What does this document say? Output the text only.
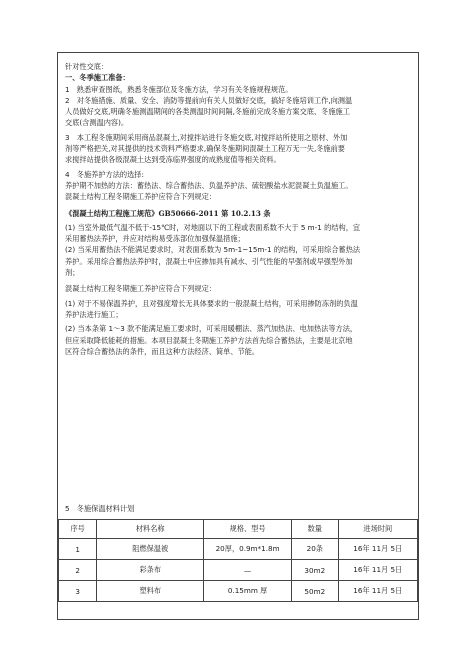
针对性交底：
一、冬季施工准备：
1　熟悉审查图纸，熟悉冬施部位及冬施方法，学习有关冬施规程规范。
2　对冬施措施、质量、安全、消防等提前向有关人员做好交底，搞好冬施培训工作,向测温
人员做好交底,明确冬施测温期间的各类测温时间间隔,冬施前完成冬施方案交底、冬施施工
交底(含测温内容)。
3　本工程冬施期间采用商品混凝土,对搅拌站进行冬施交底,对搅拌站所使用之原材、外加
剂等严格把关,对其提供的技术资料严格要求,确保冬施期间混凝土工程万无一失,冬施前要
求搅拌站提供各级混凝土达到受冻临界强度的成熟度值等相关资料。
4　冬施养护方法的选择:
养护期不加热的方法：蓄热法、综合蓄热法、负温养护法、硫铝酸盐水泥混凝土负温施工。
混凝土结构工程冬期施工养护应符合下列规定：
《混凝土结构工程施工规范》GB50666-2011 第 10.2.13 条
(1) 当室外最低气温不低于-15℃时，对地面以下的工程或表面系数不大于 5 m-1 的结构，宜
采用蓄热法养护，并应对结构易受冻部位加强保温措施；
(2) 当采用蓄热法不能满足要求时，对表面系数为 5m-1~15m-1 的结构，可采用综合蓄热法
养护。采用综合蓄热法养护时，混凝土中应掺加具有减水、引气性能的早强剂或早强型外加
剂；
混凝土结构工程冬期施工养护应符合下列规定：
(1) 对于不易保温养护，且对强度增长无具体要求的一般混凝土结构，可采用掺防冻剂的负温
养护法进行施工；
(2) 当本条第 1～3 款不能满足施工要求时，可采用暖棚法、蒸汽加热法、电加热法等方法，
但应采取降低能耗的措施。本项目混凝土冬期施工养护方法首先综合蓄热法，主要是北京地
区符合综合蓄热法的条件，而且这种方法经济、简单、节能。
5　冬施保温材料计划
序号	材料名称	规格、型号	数量	进场时间
1	阻燃保温被	20厚，0.9m*1.8m	20条	16年 11月 5日
2	彩条布	—	30m2	16年 11月 5日
3	塑料布	0.15mm 厚	50m2	16年 11月 5日
